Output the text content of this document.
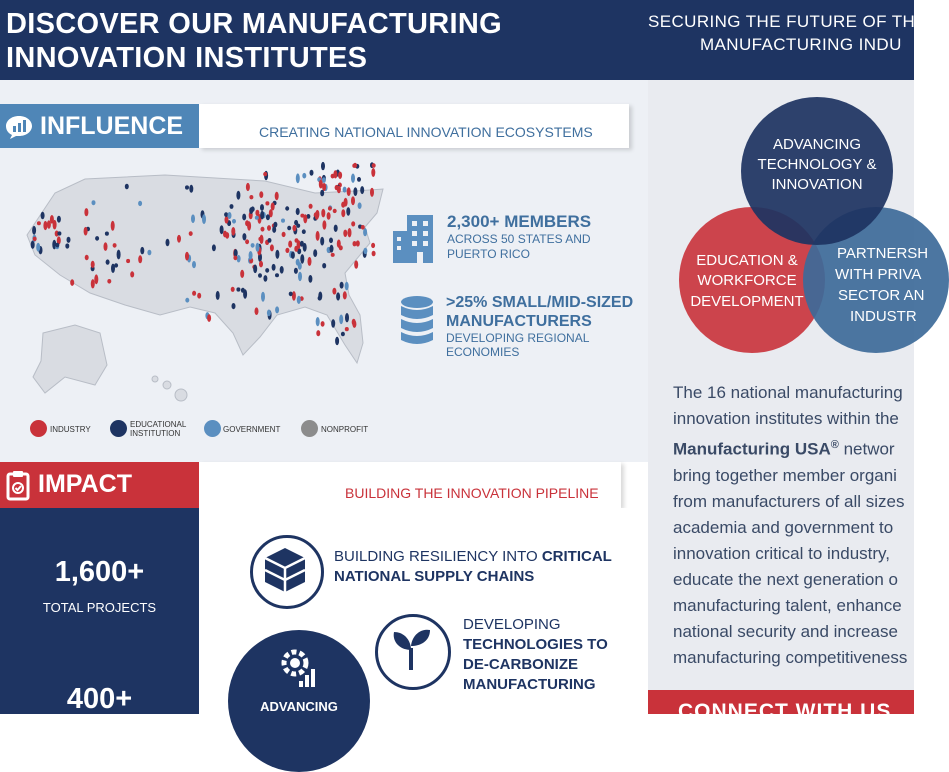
DISCOVER OUR MANUFACTURING
INNOVATION INSTITUTES
SECURING THE FUTURE OF TH
MANUFACTURING INDU
INFLUENCE	CREATING NATIONAL INNOVATION ECOSYSTEMS
2,300+ MEMBERS
ACROSS 50 STATES AND
PUERTO RICO
>25% SMALL/MID-SIZED
MANUFACTURERS
DEVELOPING REGIONAL
ECONOMIES
INDUSTRY
EDUCATIONAL
INSTITUTION	GOVERNMENT	NONPROFIT
IMPACT	BUILDING THE INNOVATION PIPELINE
1,600+
TOTAL PROJECTS
400+
BUILDING RESILIENCY INTO CRITICAL
NATIONAL SUPPLY CHAINS
DEVELOPING
TECHNOLOGIES TO
DE-CARBONIZE
MANUFACTURING
ADVANCING
ADVANCING
TECHNOLOGY &
INNOVATION
EDUCATION &
WORKFORCE
DEVELOPMENT
PARTNERSH
WITH PRIVA
SECTOR AN
INDUSTR
The 16 national manufacturing
innovation institutes within the
Manufacturing USA® networ
bring together member organi
from manufacturers of all sizes
academia and government to
innovation critical to industry,
educate the next generation o
manufacturing talent, enhance
national security and increase
manufacturing competitiveness
CONNECT WITH US
